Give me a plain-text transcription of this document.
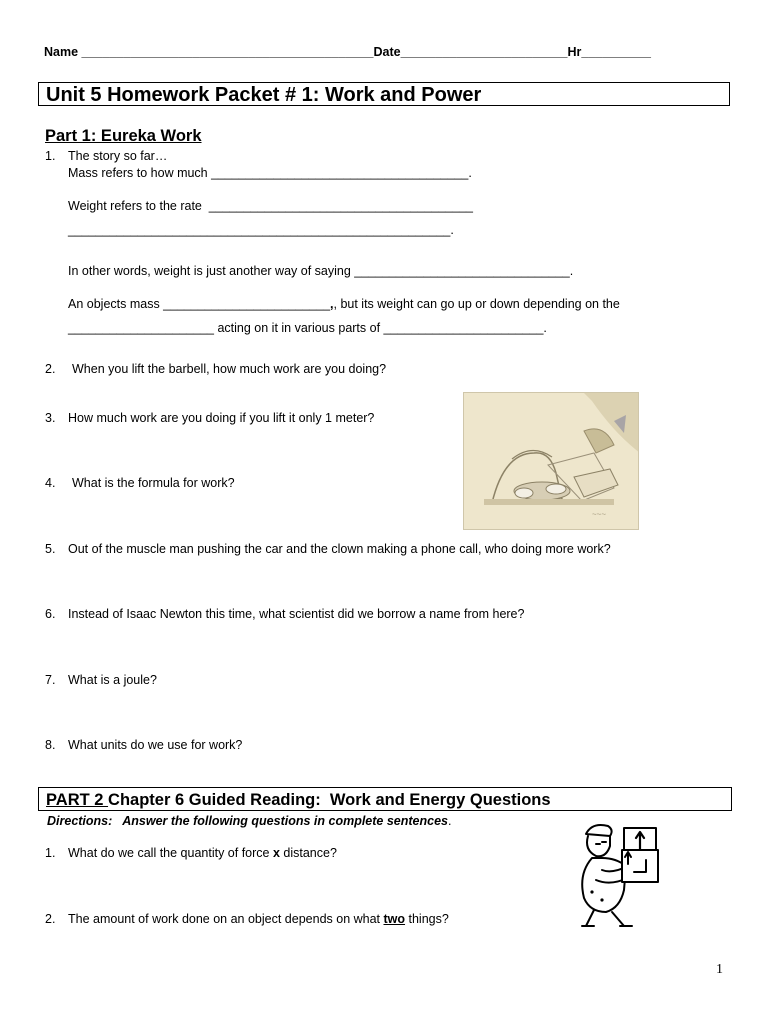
Name __________________________________________Date________________________Hr__________
Unit 5 Homework Packet # 1: Work and Power
Part 1: Eureka Work
1. The story so far…
Mass refers to how much _____________________________________.
Weight refers to the rate  ______________________________________
_______________________________________________________.
In other words, weight is just another way of saying _______________________________.
An objects mass ________________________,, but its weight can go up or down depending on the
_____________________ acting on it in various parts of _______________________.
2. When you lift the barbell, how much work are you doing?
3. How much work are you doing if you lift it only 1 meter?
4. What is the formula for work?
5. Out of the muscle man pushing the car and the clown making a phone call, who doing more work?
6. Instead of Isaac Newton this time, what scientist did we borrow a name from here?
7. What is a joule?
8. What units do we use for work?
~~~
PART 2 Chapter 6 Guided Reading:  Work and Energy Questions
Directions:   Answer the following questions in complete sentences.
1. What do we call the quantity of force x distance?
2. The amount of work done on an object depends on what two things?
1
